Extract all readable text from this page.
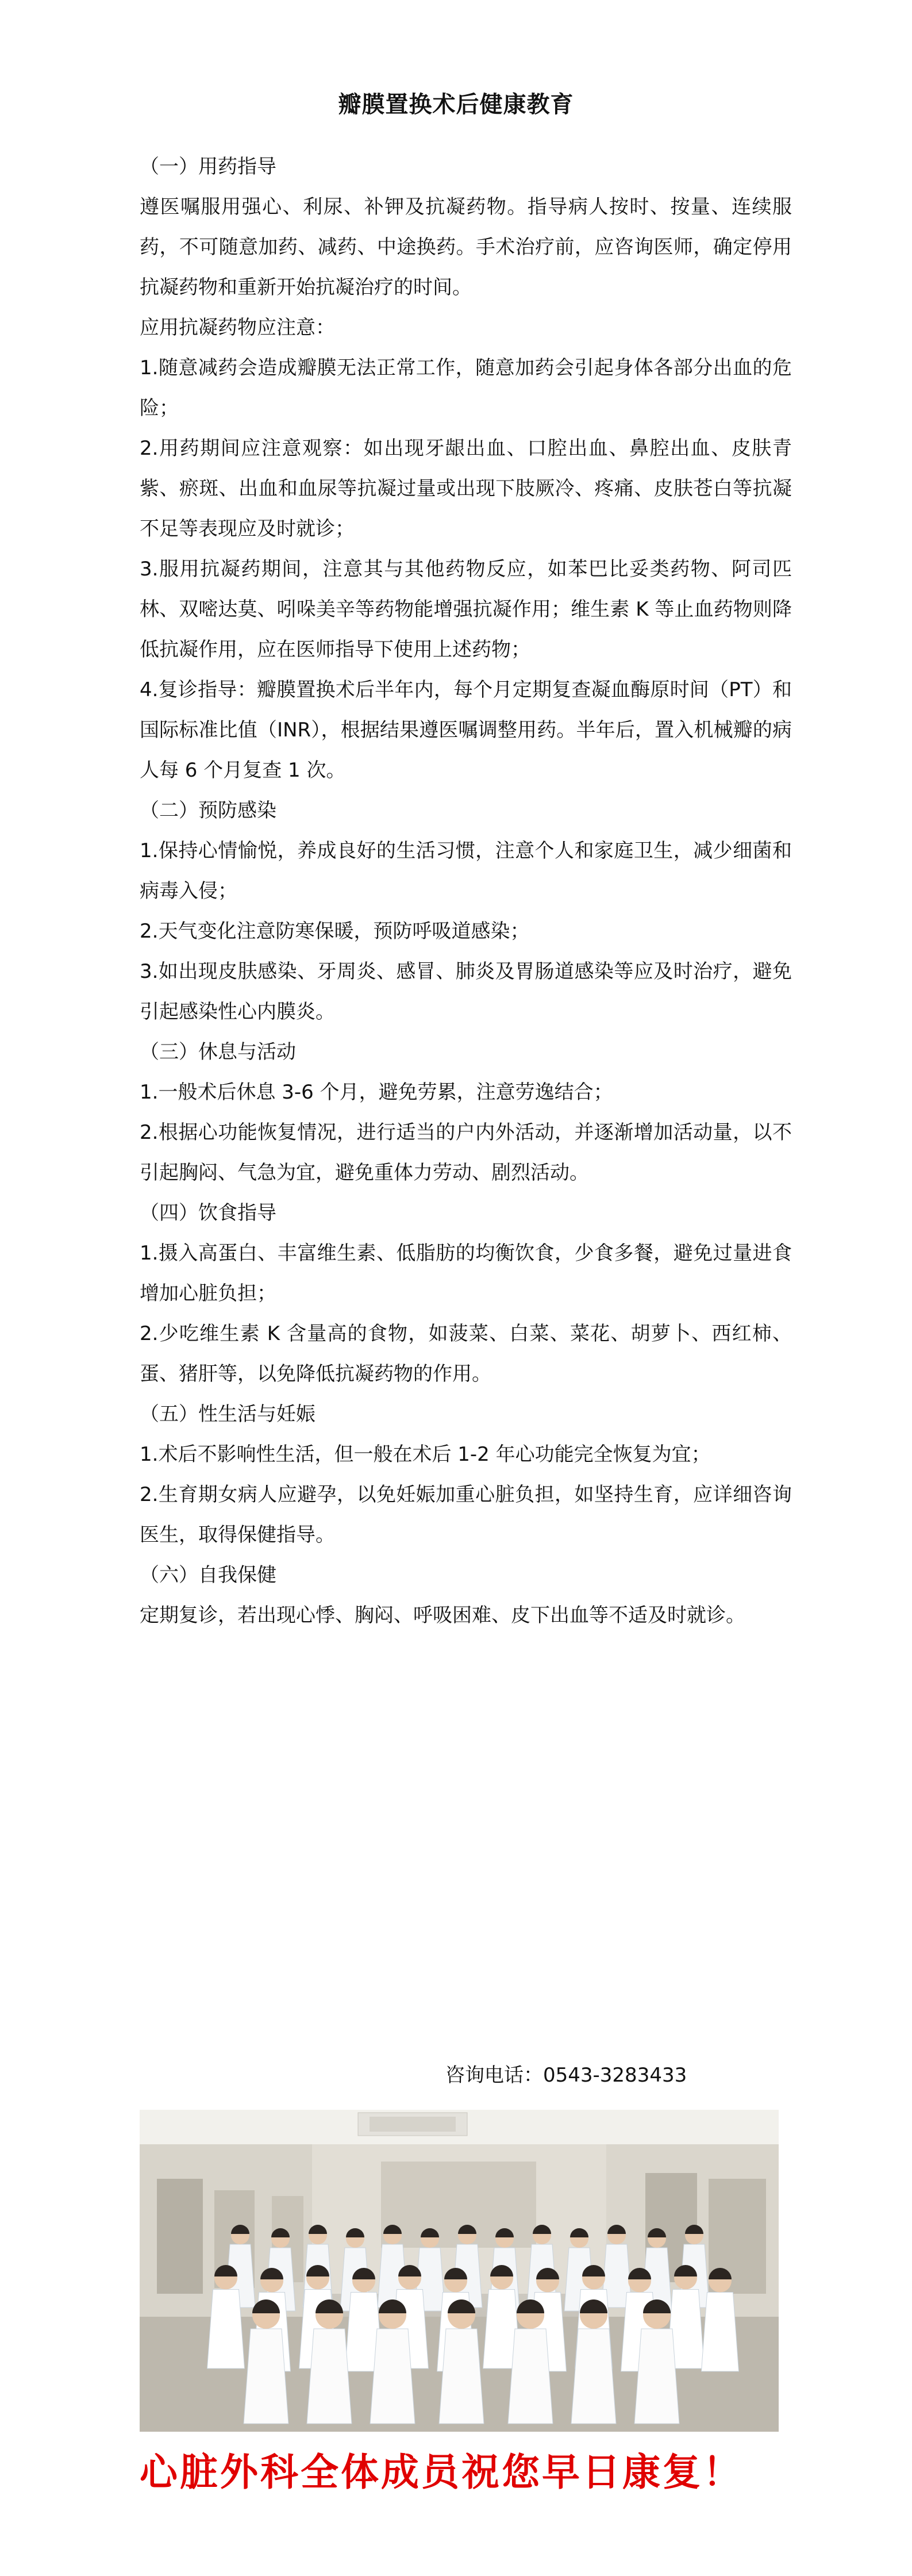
瓣膜置换术后健康教育
（一）用药指导
遵医嘱服用强心、利尿、补钾及抗凝药物。指导病人按时、按量、连续服药，不可随意加药、减药、中途换药。手术治疗前，应咨询医师，确定停用抗凝药物和重新开始抗凝治疗的时间。
应用抗凝药物应注意：
1.随意减药会造成瓣膜无法正常工作，随意加药会引起身体各部分出血的危险；
2.用药期间应注意观察：如出现牙龈出血、口腔出血、鼻腔出血、皮肤青紫、瘀斑、出血和血尿等抗凝过量或出现下肢厥冷、疼痛、皮肤苍白等抗凝不足等表现应及时就诊；
3.服用抗凝药期间，注意其与其他药物反应，如苯巴比妥类药物、阿司匹林、双嘧达莫、吲哚美辛等药物能增强抗凝作用；维生素 K 等止血药物则降低抗凝作用，应在医师指导下使用上述药物；
4.复诊指导：瓣膜置换术后半年内，每个月定期复查凝血酶原时间（PT）和国际标准比值（INR），根据结果遵医嘱调整用药。半年后，置入机械瓣的病人每 6 个月复查 1 次。
（二）预防感染
1.保持心情愉悦，养成良好的生活习惯，注意个人和家庭卫生，减少细菌和病毒入侵；
2.天气变化注意防寒保暖，预防呼吸道感染；
3.如出现皮肤感染、牙周炎、感冒、肺炎及胃肠道感染等应及时治疗，避免引起感染性心内膜炎。
（三）休息与活动
1.一般术后休息 3-6 个月，避免劳累，注意劳逸结合；
2.根据心功能恢复情况，进行适当的户内外活动，并逐渐增加活动量，以不引起胸闷、气急为宜，避免重体力劳动、剧烈活动。
（四）饮食指导
1.摄入高蛋白、丰富维生素、低脂肪的均衡饮食，少食多餐，避免过量进食增加心脏负担；
2.少吃维生素 K 含量高的食物，如菠菜、白菜、菜花、胡萝卜、西红柿、蛋、猪肝等，以免降低抗凝药物的作用。
（五）性生活与妊娠
1.术后不影响性生活，但一般在术后 1-2 年心功能完全恢复为宜；
2.生育期女病人应避孕，以免妊娠加重心脏负担，如坚持生育，应详细咨询医生，取得保健指导。
（六）自我保健
定期复诊，若出现心悸、胸闷、呼吸困难、皮下出血等不适及时就诊。
咨询电话：0543-3283433
心脏外科全体成员祝您早日康复！
